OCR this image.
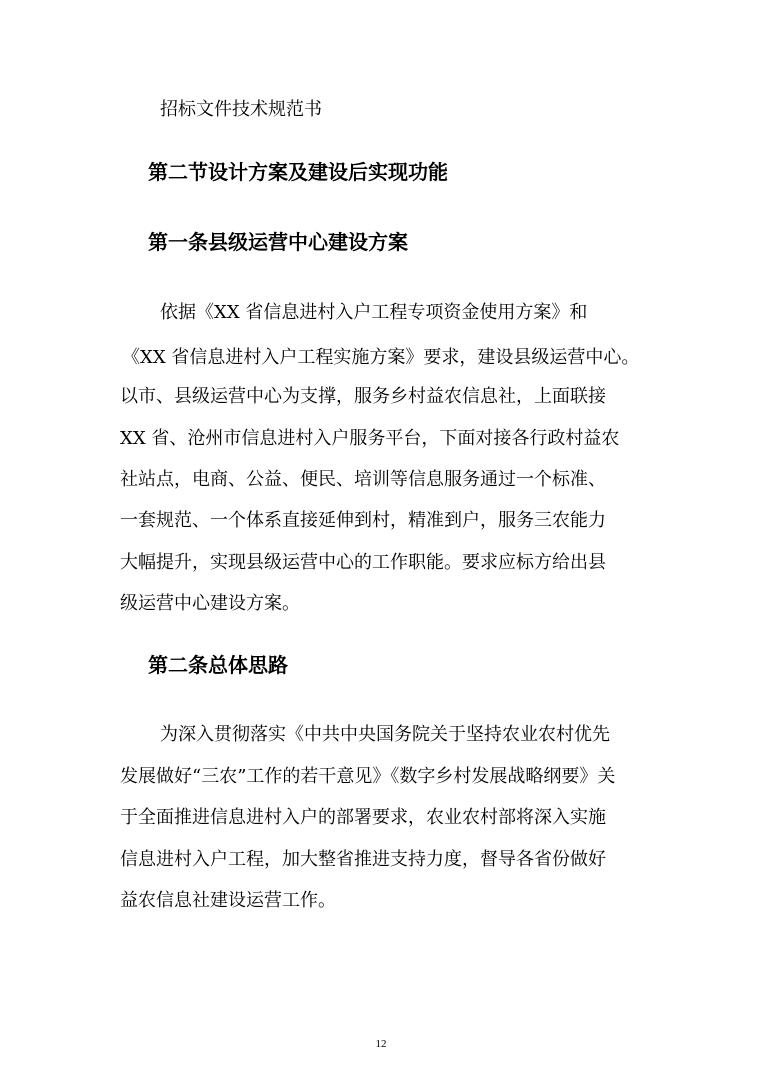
招标文件技术规范书
第二节设计方案及建设后实现功能
第一条县级运营中心建设方案
依据《XX 省信息进村入户工程专项资金使用方案》和
《XX 省信息进村入户工程实施方案》要求，建设县级运营中心。
以市、县级运营中心为支撑，服务乡村益农信息社，上面联接
XX 省、沧州市信息进村入户服务平台，下面对接各行政村益农
社站点，电商、公益、便民、培训等信息服务通过一个标准、
一套规范、一个体系直接延伸到村，精准到户，服务三农能力
大幅提升，实现县级运营中心的工作职能。要求应标方给出县
级运营中心建设方案。
第二条总体思路
为深入贯彻落实《中共中央国务院关于坚持农业农村优先
发展做好“三农”工作的若干意见》《数字乡村发展战略纲要》关
于全面推进信息进村入户的部署要求，农业农村部将深入实施
信息进村入户工程，加大整省推进支持力度，督导各省份做好
益农信息社建设运营工作。
12
